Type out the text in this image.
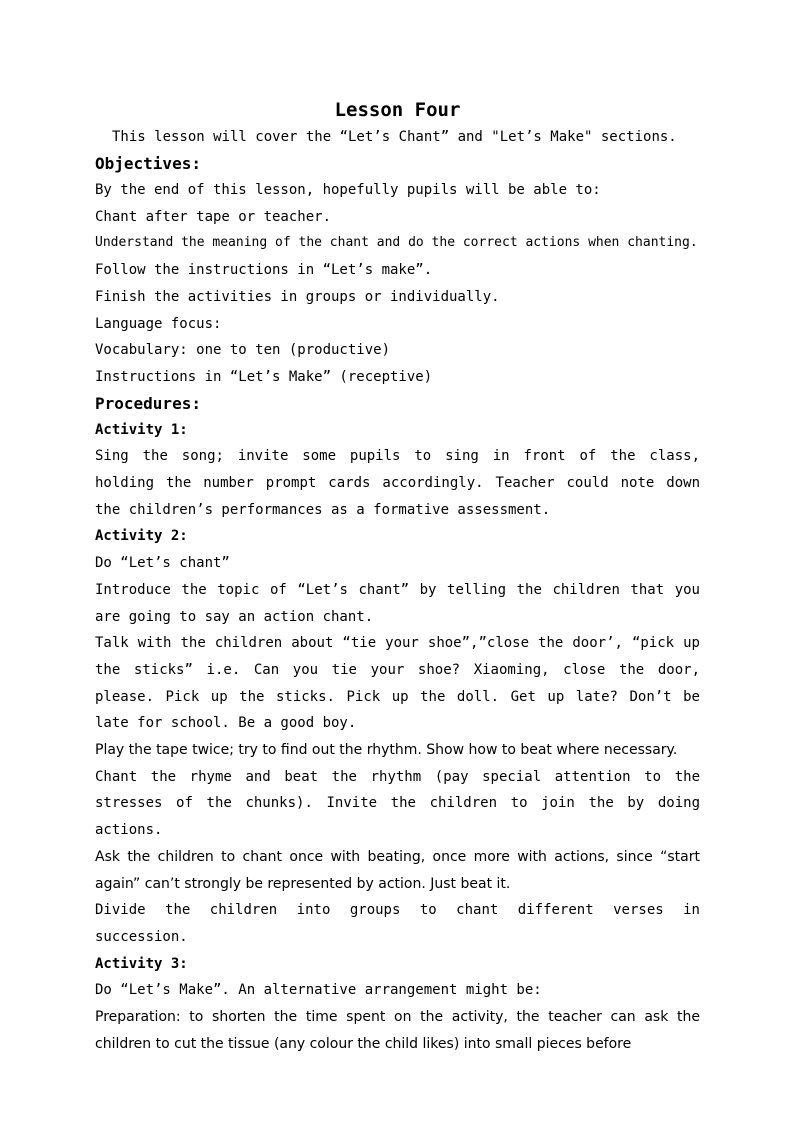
Lesson Four

This lesson will cover the “Let’s Chant” and "Let’s Make" sections.

Objectives:

By the end of this lesson, hopefully pupils will be able to:

Chant after tape or teacher.

Understand the meaning of the chant and do the correct actions when chanting.

Follow the instructions in “Let’s make”.

Finish the activities in groups or individually.

Language focus:

Vocabulary: one to ten (productive)

Instructions in “Let’s Make” (receptive)

Procedures:
Activity 1:

Sing the song; invite some pupils to sing in front of the class, holding the number prompt cards accordingly. Teacher could note down the children’s performances as a formative assessment.

Activity 2:

Do “Let’s chant”

Introduce the topic of “Let’s chant” by telling the children that you are going to say an action chant.

Talk with the children about “tie your shoe”,”close the door’, “pick up the sticks” i.e. Can you tie your shoe? Xiaoming, close the door, please. Pick up the sticks. Pick up the doll. Get up late? Don’t be late for school. Be a good boy.

Play the tape twice; try to find out the rhythm. Show how to beat where necessary.

Chant the rhyme and beat the rhythm (pay special attention to the stresses of the chunks). Invite the children to join the by doing actions.

Ask the children to chant once with beating, once more with actions, since “start again” can’t strongly be represented by action. Just beat it.

Divide the children into groups to chant different verses in succession.

Activity 3:

Do “Let’s Make”. An alternative arrangement might be:

Preparation: to shorten the time spent on the activity, the teacher can ask the children to cut the tissue (any colour the child likes) into small pieces before
